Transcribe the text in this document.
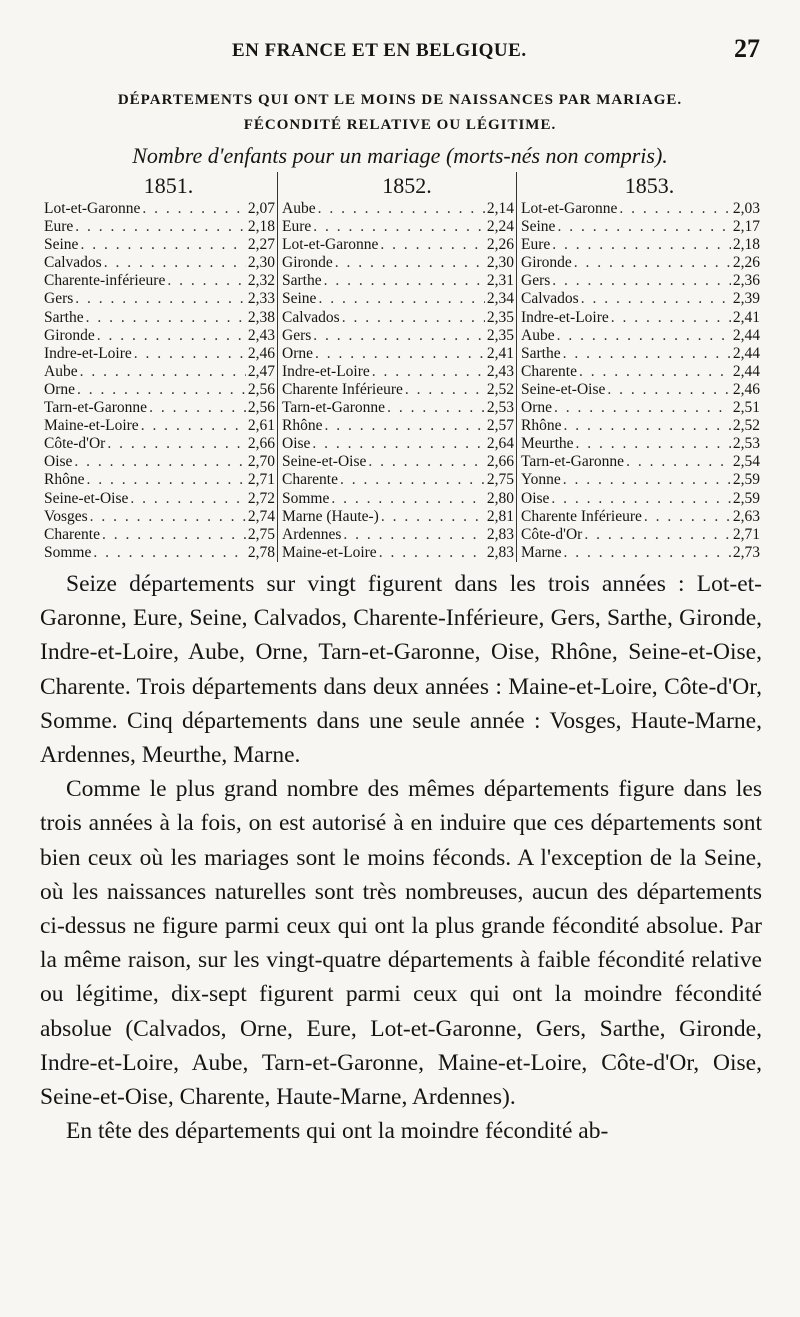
EN FRANCE ET EN BELGIQUE.	27
DÉPARTEMENTS QUI ONT LE MOINS DE NAISSANCES PAR MARIAGE.
FÉCONDITÉ RELATIVE OU LÉGITIME.
Nombre d'enfants pour un mariage (morts-nés non compris).
1851.
Lot-et-Garonne . . .	2,07
Eure . . .	2,18
Seine . . .	2,27
Calvados . . .	2,30
Charente-inférieure . . .	2,32
Gers . . .	2,33
Sarthe . . .	2,38
Gironde . . .	2,43
Indre-et-Loire . . .	2,46
Aube . . .	2,47
Orne . . .	2,56
Tarn-et-Garonne . . .	2,56
Maine-et-Loire . . .	2,61
Côte-d'Or . . .	2,66
Oise . . .	2,70
Rhône . . .	2,71
Seine-et-Oise . . .	2,72
Vosges . . .	2,74
Charente . . .	2,75
Somme . . .	2,78
1852.
Aube . . .	2,14
Eure . . .	2,24
Lot-et-Garonne . . .	2,26
Gironde . . .	2,30
Sarthe . . .	2,31
Seine . . .	2,34
Calvados . . .	2,35
Gers . . .	2,35
Orne . . .	2,41
Indre-et-Loire . . .	2,43
Charente Inférieure . . .	2,52
Tarn-et-Garonne . . .	2,53
Rhône . . .	2,57
Oise . . .	2,64
Seine-et-Oise . . .	2,66
Charente . . .	2,75
Somme . . .	2,80
Marne (Haute-) . . .	2,81
Ardennes . . .	2,83
Maine-et-Loire . . .	2,83
1853.
Lot-et-Garonne . . .	2,03
Seine . . .	2,17
Eure . . .	2,18
Gironde . . .	2,26
Gers . . .	2,36
Calvados . . .	2,39
Indre-et-Loire . . .	2,41
Aube . . .	2,44
Sarthe . . .	2,44
Charente . . .	2,44
Seine-et-Oise . . .	2,46
Orne . . .	2,51
Rhône . . .	2,52
Meurthe . . .	2,53
Tarn-et-Garonne . . .	2,54
Yonne . . .	2,59
Oise . . .	2,59
Charente Inférieure . . .	2,63
Côte-d'Or . . .	2,71
Marne . . .	2,73

Seize départements sur vingt figurent dans les trois années : Lot-et-Garonne, Eure, Seine, Calvados, Charente-Inférieure, Gers, Sarthe, Gironde, Indre-et-Loire, Aube, Orne, Tarn-et-Garonne, Oise, Rhône, Seine-et-Oise, Charente. Trois départements dans deux années : Maine-et-Loire, Côte-d'Or, Somme. Cinq départements dans une seule année : Vosges, Haute-Marne, Ardennes, Meurthe, Marne.

Comme le plus grand nombre des mêmes départements figure dans les trois années à la fois, on est autorisé à en induire que ces départements sont bien ceux où les mariages sont le moins féconds. A l'exception de la Seine, où les naissances naturelles sont très nombreuses, aucun des départements ci-dessus ne figure parmi ceux qui ont la plus grande fécondité absolue. Par la même raison, sur les vingt-quatre départements à faible fécondité relative ou légitime, dix-sept figurent parmi ceux qui ont la moindre fécondité absolue (Calvados, Orne, Eure, Lot-et-Garonne, Gers, Sarthe, Gironde, Indre-et-Loire, Aube, Tarn-et-Garonne, Maine-et-Loire, Côte-d'Or, Oise, Seine-et-Oise, Charente, Haute-Marne, Ardennes).

En tête des départements qui ont la moindre fécondité ab-
